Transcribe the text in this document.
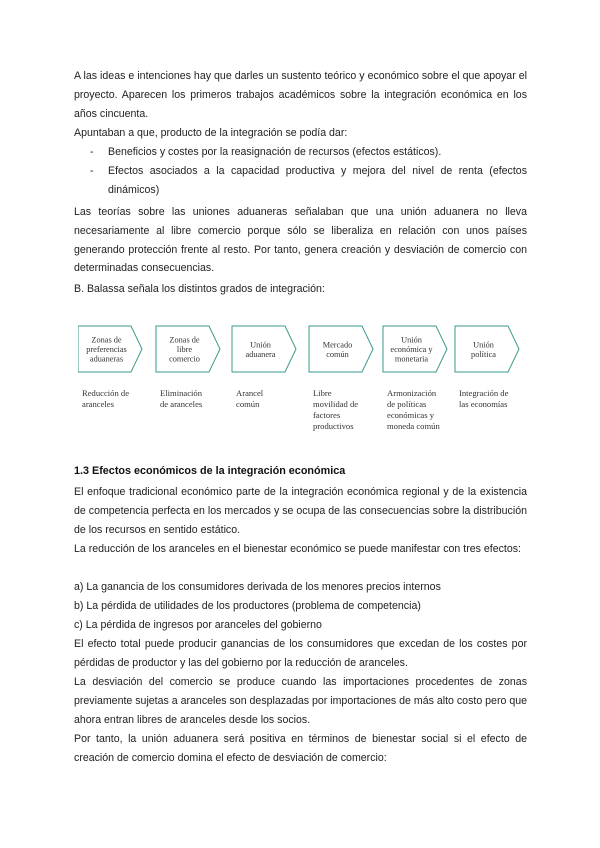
A las ideas e intenciones hay que darles un sustento teórico y económico sobre el que apoyar el proyecto. Aparecen los primeros trabajos académicos sobre la integración económica en los años cincuenta.
Apuntaban a que, producto de la integración se podía dar:
- Beneficios y costes por la reasignación de recursos (efectos estáticos).
- Efectos asociados a la capacidad productiva y mejora del nivel de renta (efectos dinámicos)
Las teorías sobre las uniones aduaneras señalaban que una unión aduanera no lleva necesariamente al libre comercio porque sólo se liberaliza en relación con unos países generando protección frente al resto. Por tanto, genera creación y desviación de comercio con determinadas consecuencias.
B. Balassa señala los distintos grados de integración:
Zonas de
preferencias
aduaneras
Zonas de
libre
comercio
Unión
aduanera
Mercado
común
Unión
económica y
monetaria
Unión
política
Reducción de
aranceles
Eliminación
de aranceles
Arancel
común
Libre
movilidad de
factores
productivos
Armonización
de políticas
económicas y
moneda común
Integración de
las economías
1.3 Efectos económicos de la integración económica
El enfoque tradicional económico parte de la integración económica regional y de la existencia de competencia perfecta en los mercados y se ocupa de las consecuencias sobre la distribución de los recursos en sentido estático.
La reducción de los aranceles en el bienestar económico se puede manifestar con tres efectos:
a) La ganancia de los consumidores derivada de los menores precios internos
b) La pérdida de utilidades de los productores (problema de competencia)
c) La pérdida de ingresos por aranceles del gobierno
El efecto total puede producir ganancias de los consumidores que excedan de los costes por pérdidas de productor y las del gobierno por la reducción de aranceles.
La desviación del comercio se produce cuando las importaciones procedentes de zonas previamente sujetas a aranceles son desplazadas por importaciones de más alto costo pero que ahora entran libres de aranceles desde los socios.
Por tanto, la unión aduanera será positiva en términos de bienestar social si el efecto de creación de comercio domina el efecto de desviación de comercio:
